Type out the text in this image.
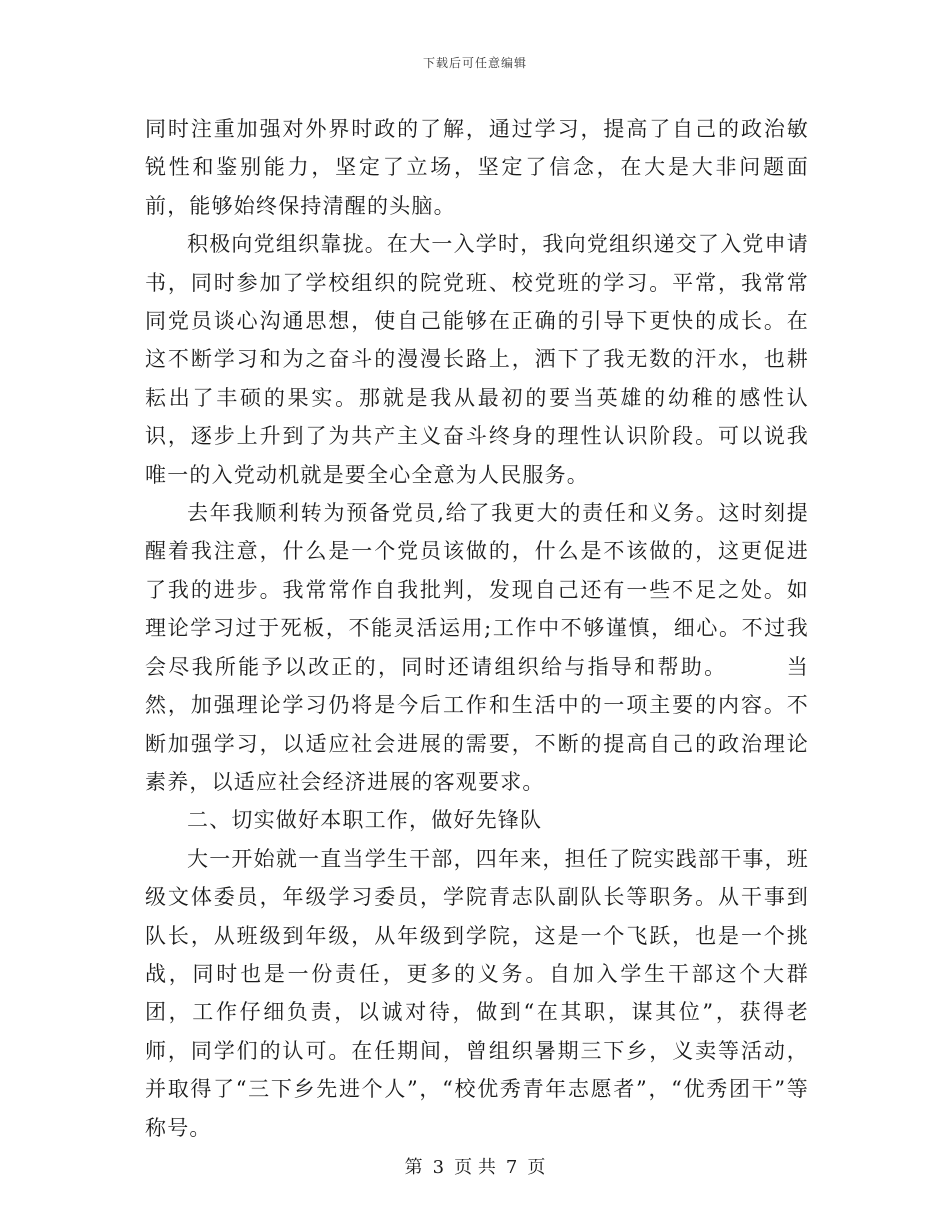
下载后可任意编辑

同时注重加强对外界时政的了解，通过学习，提高了自己的政治敏锐性和鉴别能力，坚定了立场，坚定了信念，在大是大非问题面前，能够始终保持清醒的头脑。

积极向党组织靠拢。在大一入学时，我向党组织递交了入党申请书，同时参加了学校组织的院党班、校党班的学习。平常，我常常同党员谈心沟通思想，使自己能够在正确的引导下更快的成长。在这不断学习和为之奋斗的漫漫长路上，洒下了我无数的汗水，也耕耘出了丰硕的果实。那就是我从最初的要当英雄的幼稚的感性认识，逐步上升到了为共产主义奋斗终身的理性认识阶段。可以说我唯一的入党动机就是要全心全意为人民服务。

去年我顺利转为预备党员,给了我更大的责任和义务。这时刻提醒着我注意，什么是一个党员该做的，什么是不该做的，这更促进了我的进步。我常常作自我批判，发现自己还有一些不足之处。如理论学习过于死板，不能灵活运用;工作中不够谨慎，细心。不过我会尽我所能予以改正的，同时还请组织给与指导和帮助。　　　当然，加强理论学习仍将是今后工作和生活中的一项主要的内容。不断加强学习，以适应社会进展的需要，不断的提高自己的政治理论素养，以适应社会经济进展的客观要求。

二、切实做好本职工作，做好先锋队

大一开始就一直当学生干部，四年来，担任了院实践部干事，班级文体委员，年级学习委员，学院青志队副队长等职务。从干事到队长，从班级到年级，从年级到学院，这是一个飞跃，也是一个挑战，同时也是一份责任，更多的义务。自加入学生干部这个大群团，工作仔细负责，以诚对待，做到“在其职，谋其位”，获得老师，同学们的认可。在任期间，曾组织暑期三下乡，义卖等活动，并取得了“三下乡先进个人”，“校优秀青年志愿者”，“优秀团干”等称号。

第 3 页 共 7 页
